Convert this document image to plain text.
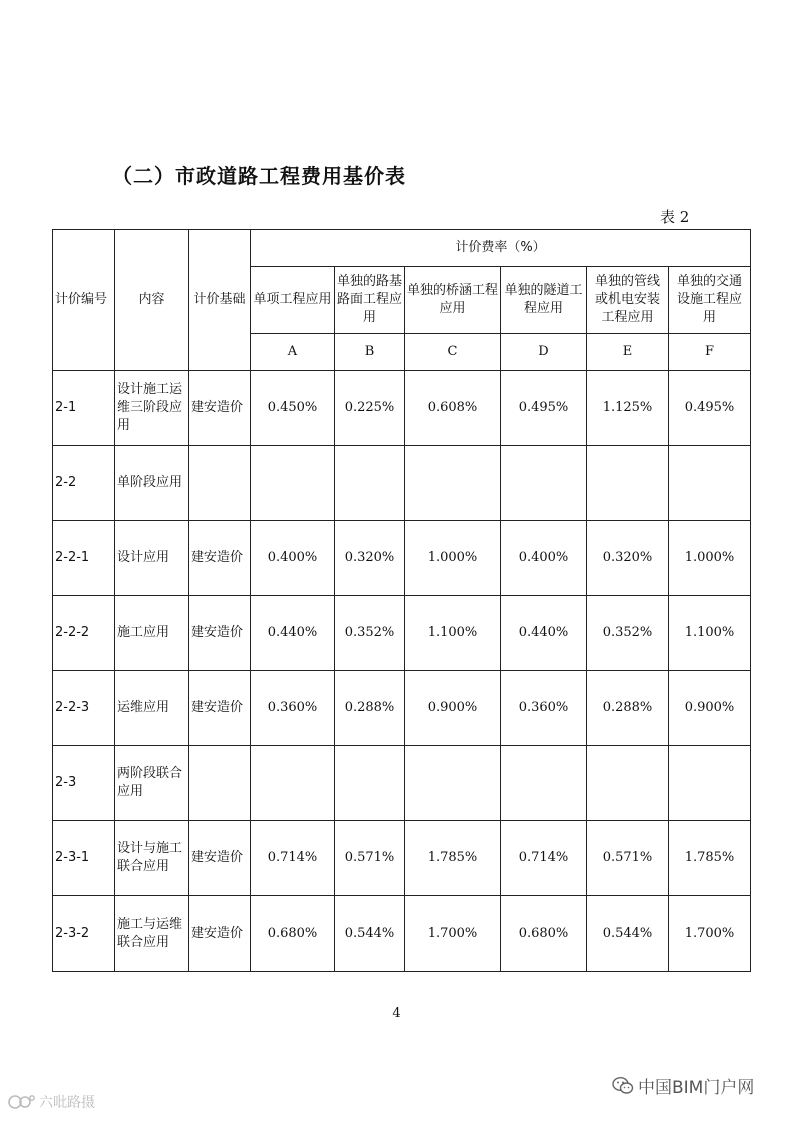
（二）市政道路工程费用基价表
表 2
计价编号	内容	计价基础	计价费率（%）					
			单项工程应用	单独的路基路面工程应用	单独的桥涵工程应用	单独的隧道工程应用	单独的管线或机电安装工程应用	单独的交通设施工程应用
			A	B	C	D	E	F
2-1	设计施工运维三阶段应用	建安造价	0.450%	0.225%	0.608%	0.495%	1.125%	0.495%
2-2	单阶段应用							
2-2-1	设计应用	建安造价	0.400%	0.320%	1.000%	0.400%	0.320%	1.000%
2-2-2	施工应用	建安造价	0.440%	0.352%	1.100%	0.440%	0.352%	1.100%
2-2-3	运维应用	建安造价	0.360%	0.288%	0.900%	0.360%	0.288%	0.900%
2-3	两阶段联合应用							
2-3-1	设计与施工联合应用	建安造价	0.714%	0.571%	1.785%	0.714%	0.571%	1.785%
2-3-2	施工与运维联合应用	建安造价	0.680%	0.544%	1.700%	0.680%	0.544%	1.700%
4
中国BIM门户网
六吡路摄
